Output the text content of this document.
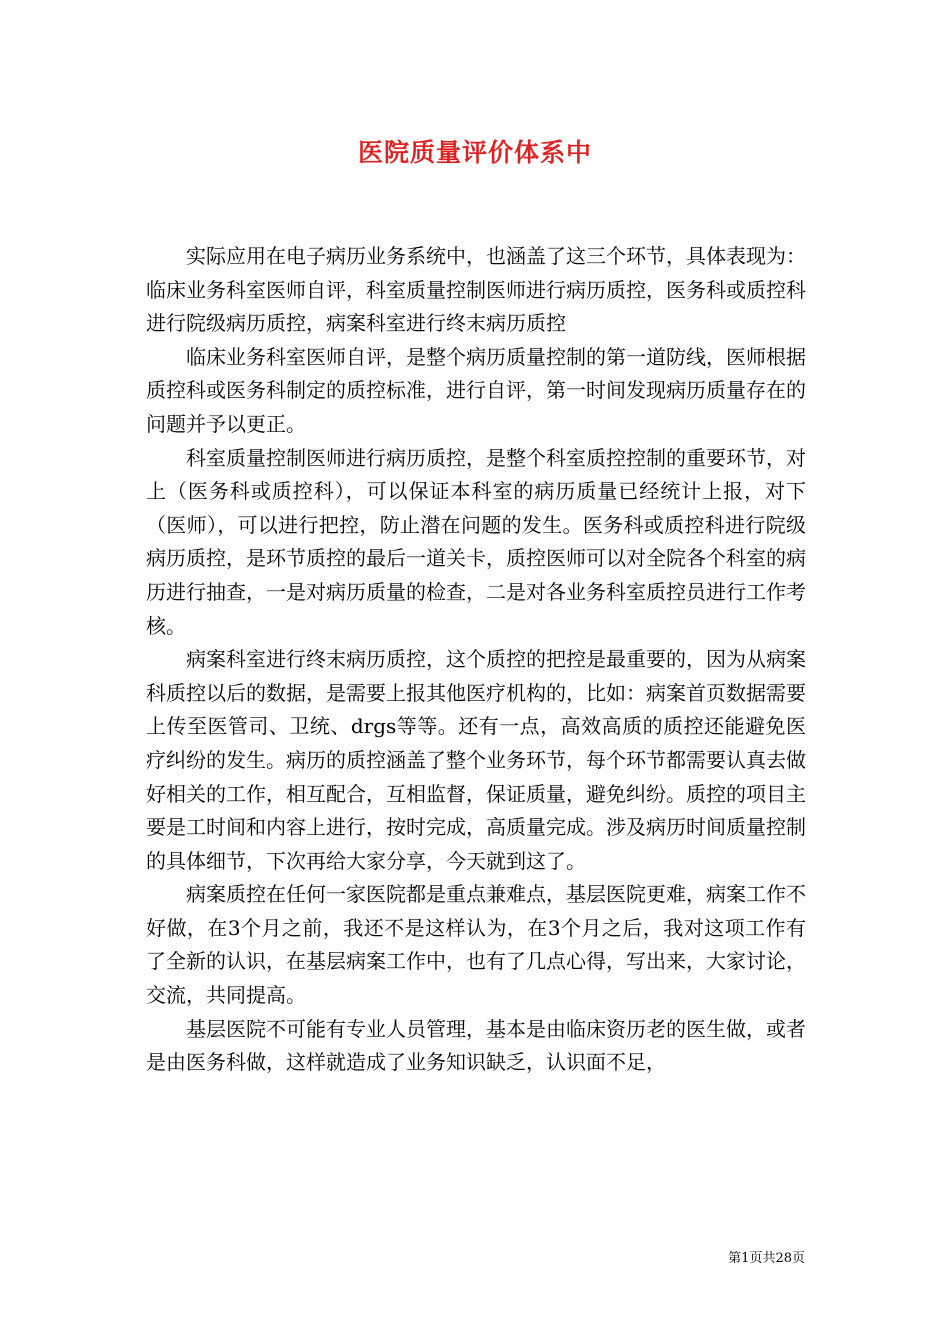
医院质量评价体系中

实际应用在电子病历业务系统中，也涵盖了这三个环节，具体表现为：临床业务科室医师自评，科室质量控制医师进行病历质控，医务科或质控科进行院级病历质控，病案科室进行终末病历质控

临床业务科室医师自评，是整个病历质量控制的第一道防线，医师根据质控科或医务科制定的质控标准，进行自评，第一时间发现病历质量存在的问题并予以更正。

科室质量控制医师进行病历质控，是整个科室质控控制的重要环节，对上（医务科或质控科），可以保证本科室的病历质量已经统计上报，对下（医师），可以进行把控，防止潜在问题的发生。医务科或质控科进行院级病历质控，是环节质控的最后一道关卡，质控医师可以对全院各个科室的病历进行抽查，一是对病历质量的检查，二是对各业务科室质控员进行工作考核。

病案科室进行终末病历质控，这个质控的把控是最重要的，因为从病案科质控以后的数据，是需要上报其他医疗机构的，比如：病案首页数据需要上传至医管司、卫统、drgs等等。还有一点，高效高质的质控还能避免医疗纠纷的发生。病历的质控涵盖了整个业务环节，每个环节都需要认真去做好相关的工作，相互配合，互相监督，保证质量，避免纠纷。质控的项目主要是工时间和内容上进行，按时完成，高质量完成。涉及病历时间质量控制的具体细节，下次再给大家分享，今天就到这了。

病案质控在任何一家医院都是重点兼难点，基层医院更难，病案工作不好做，在3个月之前，我还不是这样认为，在3个月之后，我对这项工作有了全新的认识，在基层病案工作中，也有了几点心得，写出来，大家讨论，交流，共同提高。

基层医院不可能有专业人员管理，基本是由临床资历老的医生做，或者是由医务科做，这样就造成了业务知识缺乏，认识面不足，

第1页共28页
